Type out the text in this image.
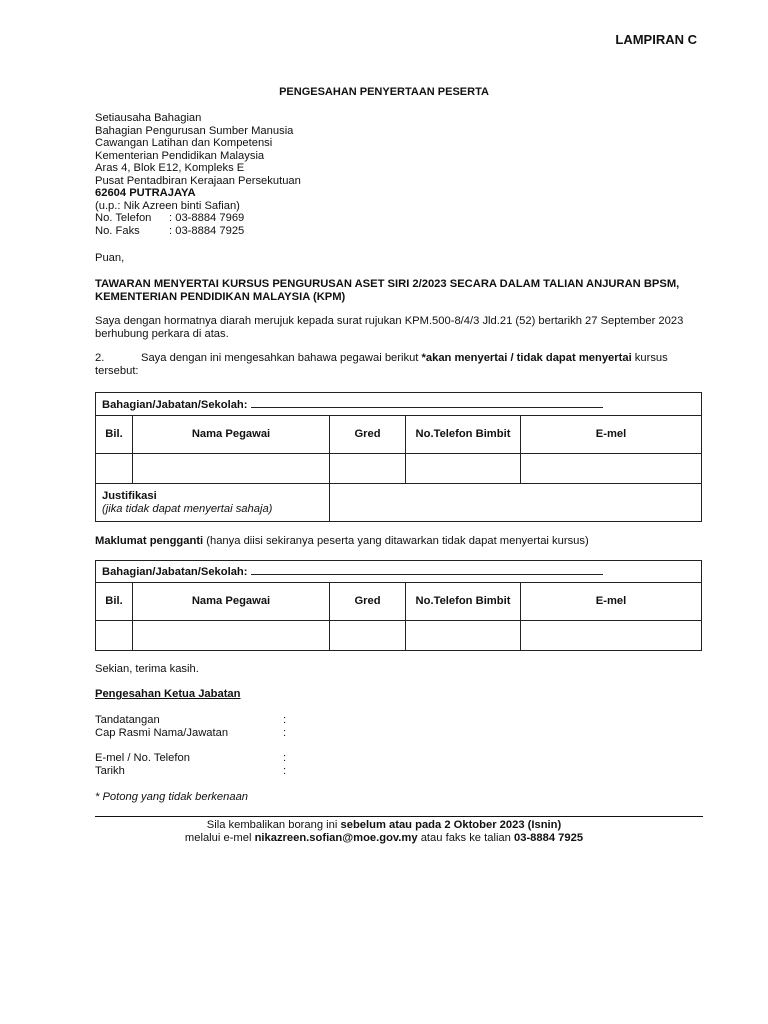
LAMPIRAN C
PENGESAHAN PENYERTAAN PESERTA
Setiausaha Bahagian
Bahagian Pengurusan Sumber Manusia
Cawangan Latihan dan Kompetensi
Kementerian Pendidikan Malaysia
Aras 4, Blok E12, Kompleks E
Pusat Pentadbiran Kerajaan Persekutuan
62604 PUTRAJAYA
(u.p.: Nik Azreen binti Safian)
No. Telefon : 03-8884 7969
No. Faks	: 03-8884 7925
Puan,
TAWARAN MENYERTAI KURSUS PENGURUSAN ASET SIRI 2/2023 SECARA DALAM TALIAN ANJURAN BPSM, KEMENTERIAN PENDIDIKAN MALAYSIA (KPM)
Saya dengan hormatnya diarah merujuk kepada surat rujukan KPM.500-8/4/3 Jld.21 (52) bertarikh 27 September 2023 berhubung perkara di atas.
2.	Saya dengan ini mengesahkan bahawa pegawai berikut *akan menyertai / tidak dapat menyertai kursus tersebut:
Bahagian/Jabatan/Sekolah:				
Bil.	Nama Pegawai	Gred	No.Telefon Bimbit	E-mel

Justifikasi
(jika tidak dapat menyertai sahaja)				

Maklumat pengganti (hanya diisi sekiranya peserta yang ditawarkan tidak dapat menyertai kursus)
Bahagian/Jabatan/Sekolah:				
Bil.	Nama Pegawai	Gred	No.Telefon Bimbit	E-mel

Sekian, terima kasih.
Pengesahan Ketua Jabatan
Tandatangan	:
Cap Rasmi Nama/Jawatan	:
E-mel / No. Telefon	:
Tarikh	:
* Potong yang tidak berkenaan
Sila kembalikan borang ini sebelum atau pada 2 Oktober 2023 (Isnin)
melalui e-mel nikazreen.sofian@moe.gov.my atau faks ke talian 03-8884 7925
